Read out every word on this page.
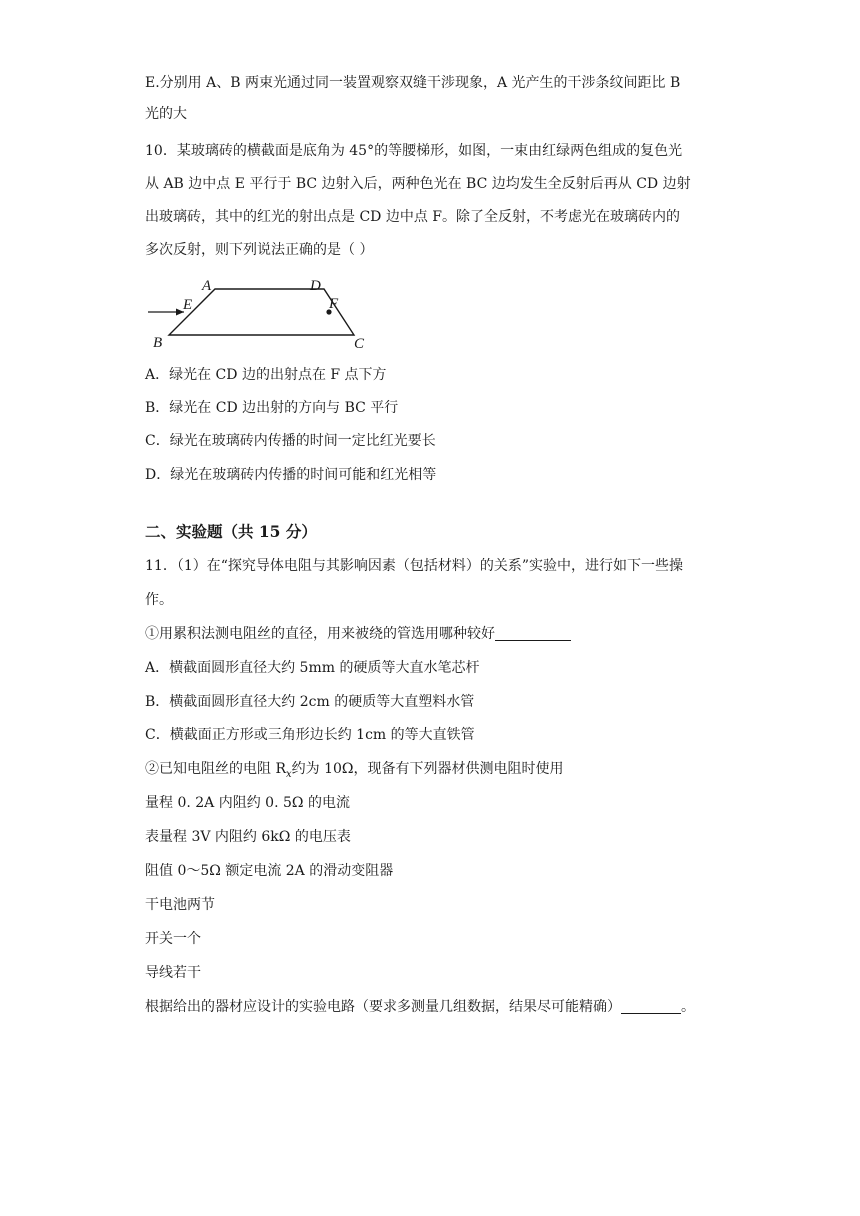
E.分别用 A、B 两束光通过同一装置观察双缝干涉现象，A 光产生的干涉条纹间距比 B
光的大
10．某玻璃砖的横截面是底角为 45°的等腰梯形，如图，一束由红绿两色组成的复色光
从 AB 边中点 E 平行于 BC 边射入后，两种色光在 BC 边均发生全反射后再从 CD 边射
出玻璃砖，其中的红光的射出点是 CD 边中点 F。除了全反射，不考虑光在玻璃砖内的
多次反射，则下列说法正确的是（ ）
A	D
E	F
B	C
A．绿光在 CD 边的出射点在 F 点下方
B．绿光在 CD 边出射的方向与 BC 平行
C．绿光在玻璃砖内传播的时间一定比红光要长
D．绿光在玻璃砖内传播的时间可能和红光相等
二、实验题（共 15 分）
11．（1）在“探究导体电阻与其影响因素（包括材料）的关系”实验中，进行如下一些操
作。
①用累积法测电阻丝的直径，用来被绕的管选用哪种较好
A．横截面圆形直径大约 5mm 的硬质等大直水笔芯杆
B．横截面圆形直径大约 2cm 的硬质等大直塑料水管
C．横截面正方形或三角形边长约 1cm 的等大直铁管
②已知电阻丝的电阻 $R_x$约为 10Ω，现备有下列器材供测电阻时使用
量程 0. 2A 内阻约 0. 5Ω 的电流
表量程 3V 内阻约 6kΩ 的电压表
阻值 0～5Ω 额定电流 2A 的滑动变阻器
干电池两节
开关一个
导线若干
根据给出的器材应设计的实验电路（要求多测量几组数据，结果尽可能精确）	。
